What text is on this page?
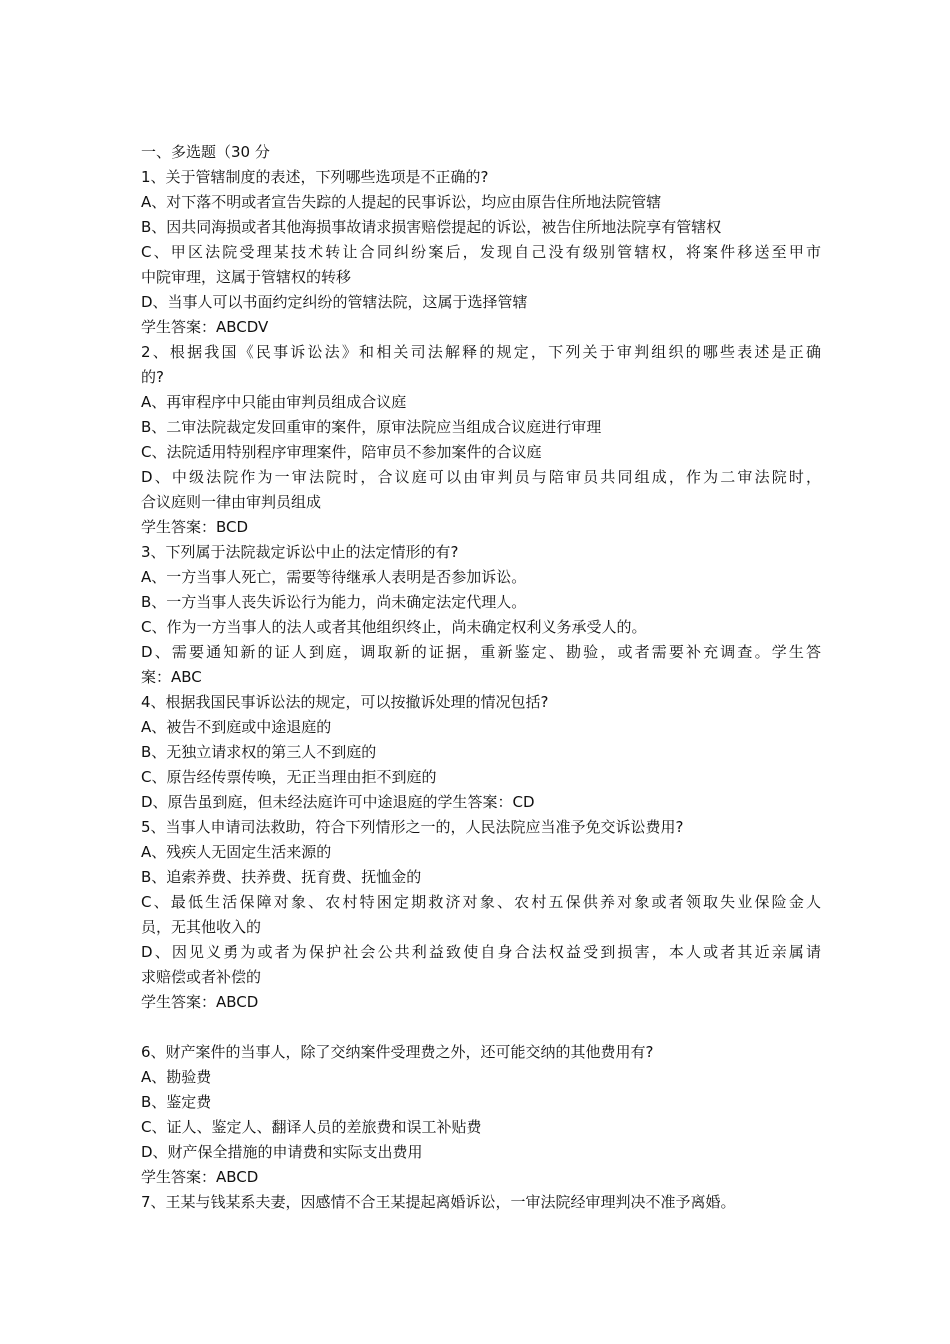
一、多选题（30 分
1、关于管辖制度的表述，下列哪些选项是不正确的?
A、对下落不明或者宣告失踪的人提起的民事诉讼，均应由原告住所地法院管辖
B、因共同海损或者其他海损事故请求损害赔偿提起的诉讼，被告住所地法院享有管辖权
C、甲区法院受理某技术转让合同纠纷案后，发现自己没有级别管辖权，将案件移送至甲市
中院审理，这属于管辖权的转移
D、当事人可以书面约定纠纷的管辖法院，这属于选择管辖
学生答案：ABCDV
2、根据我国《民事诉讼法》和相关司法解释的规定，下列关于审判组织的哪些表述是正确
的?
A、再审程序中只能由审判员组成合议庭
B、二审法院裁定发回重审的案件，原审法院应当组成合议庭进行审理
C、法院适用特别程序审理案件，陪审员不参加案件的合议庭
D、中级法院作为一审法院时，合议庭可以由审判员与陪审员共同组成，作为二审法院时，
合议庭则一律由审判员组成
学生答案：BCD
3、下列属于法院裁定诉讼中止的法定情形的有?
A、一方当事人死亡，需要等待继承人表明是否参加诉讼。
B、一方当事人丧失诉讼行为能力，尚未确定法定代理人。
C、作为一方当事人的法人或者其他组织终止，尚未确定权利义务承受人的。
D、需要通知新的证人到庭，调取新的证据，重新鉴定、勘验，或者需要补充调查。学生答
案：ABC
4、根据我国民事诉讼法的规定，可以按撤诉处理的情况包括?
A、被告不到庭或中途退庭的
B、无独立请求权的第三人不到庭的
C、原告经传票传唤，无正当理由拒不到庭的
D、原告虽到庭，但未经法庭许可中途退庭的学生答案：CD
5、当事人申请司法救助，符合下列情形之一的，人民法院应当准予免交诉讼费用?
A、残疾人无固定生活来源的
B、追索养费、扶养费、抚育费、抚恤金的
C、最低生活保障对象、农村特困定期救济对象、农村五保供养对象或者领取失业保险金人
员，无其他收入的
D、因见义勇为或者为保护社会公共利益致使自身合法权益受到损害，本人或者其近亲属请
求赔偿或者补偿的
学生答案：ABCD
6、财产案件的当事人，除了交纳案件受理费之外，还可能交纳的其他费用有?
A、勘验费
B、鉴定费
C、证人、鉴定人、翻译人员的差旅费和误工补贴费
D、财产保全措施的申请费和实际支出费用
学生答案：ABCD
7、王某与钱某系夫妻，因感情不合王某提起离婚诉讼，一审法院经审理判决不准予离婚。
